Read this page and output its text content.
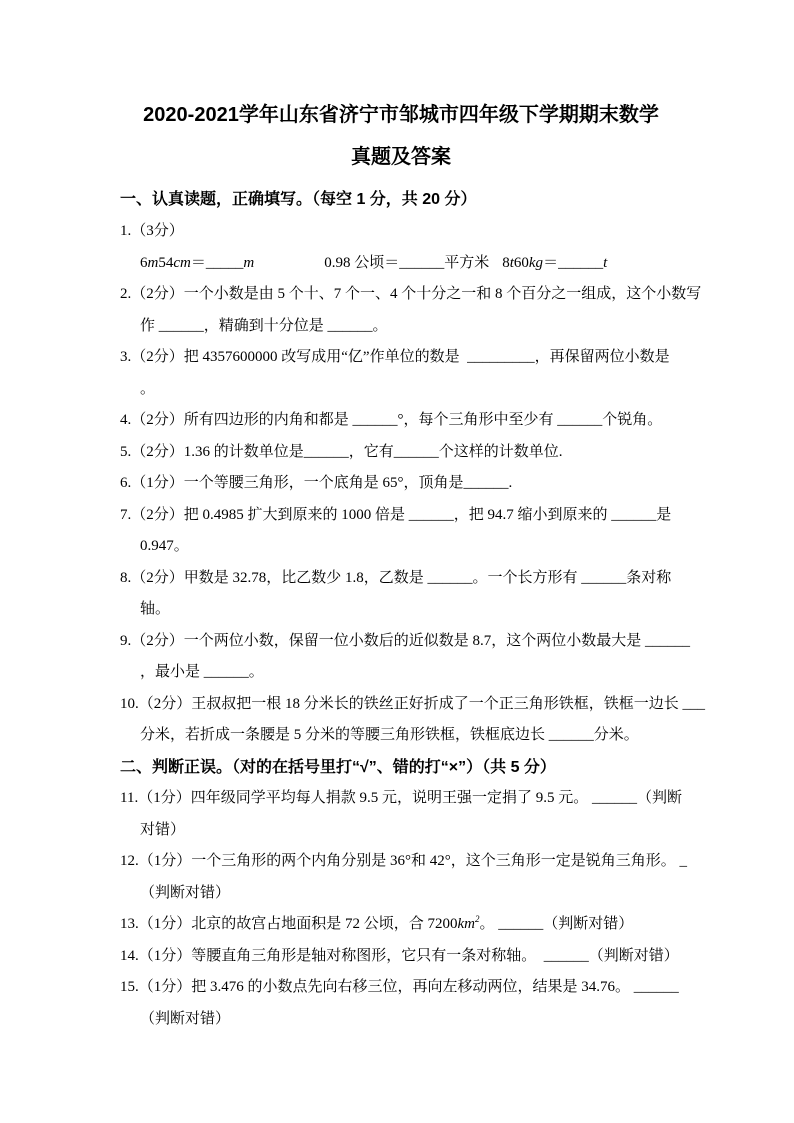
2020-2021学年山东省济宁市邹城市四年级下学期期末数学
真题及答案
一、认真读题，正确填写。（每空 1 分，共 20 分）
1.（3分）
6m54cm＝_____m	0.98 公顷＝______平方米 8t60kg＝______t
2.（2分）一个小数是由 5 个十、7 个一、4 个十分之一和 8 个百分之一组成，这个小数写
作 ______，精确到十分位是 ______。
3.（2分）把 4357600000 改写成用“亿”作单位的数是  _________，再保留两位小数是
。
4.（2分）所有四边形的内角和都是 ______°，每个三角形中至少有 ______个锐角。
5.（2分）1.36 的计数单位是______，它有______个这样的计数单位.
6.（1分）一个等腰三角形，一个底角是 65°，顶角是______.
7.（2分）把 0.4985 扩大到原来的 1000 倍是 ______，把 94.7 缩小到原来的 ______是
0.947。
8.（2分）甲数是 32.78，比乙数少 1.8，乙数是 ______。一个长方形有 ______条对称
轴。
9.（2分）一个两位小数，保留一位小数后的近似数是 8.7，这个两位小数最大是 ______
，最小是 ______。
10.（2分）王叔叔把一根 18 分米长的铁丝正好折成了一个正三角形铁框，铁框一边长 ___
分米，若折成一条腰是 5 分米的等腰三角形铁框，铁框底边长 ______分米。
二、判断正误。（对的在括号里打“√”、错的打“×”）（共 5 分）
11.（1分）四年级同学平均每人捐款 9.5 元，说明王强一定捐了 9.5 元。 ______（判断
对错）
12.（1分）一个三角形的两个内角分别是 36°和 42°，这个三角形一定是锐角三角形。 _
（判断对错）
13.（1分）北京的故宫占地面积是 72 公顷，合 $7200km^2$。 ______（判断对错）
14.（1分）等腰直角三角形是轴对称图形，它只有一条对称轴。  ______（判断对错）
15.（1分）把 3.476 的小数点先向右移三位，再向左移动两位，结果是 34.76。 ______
（判断对错）
